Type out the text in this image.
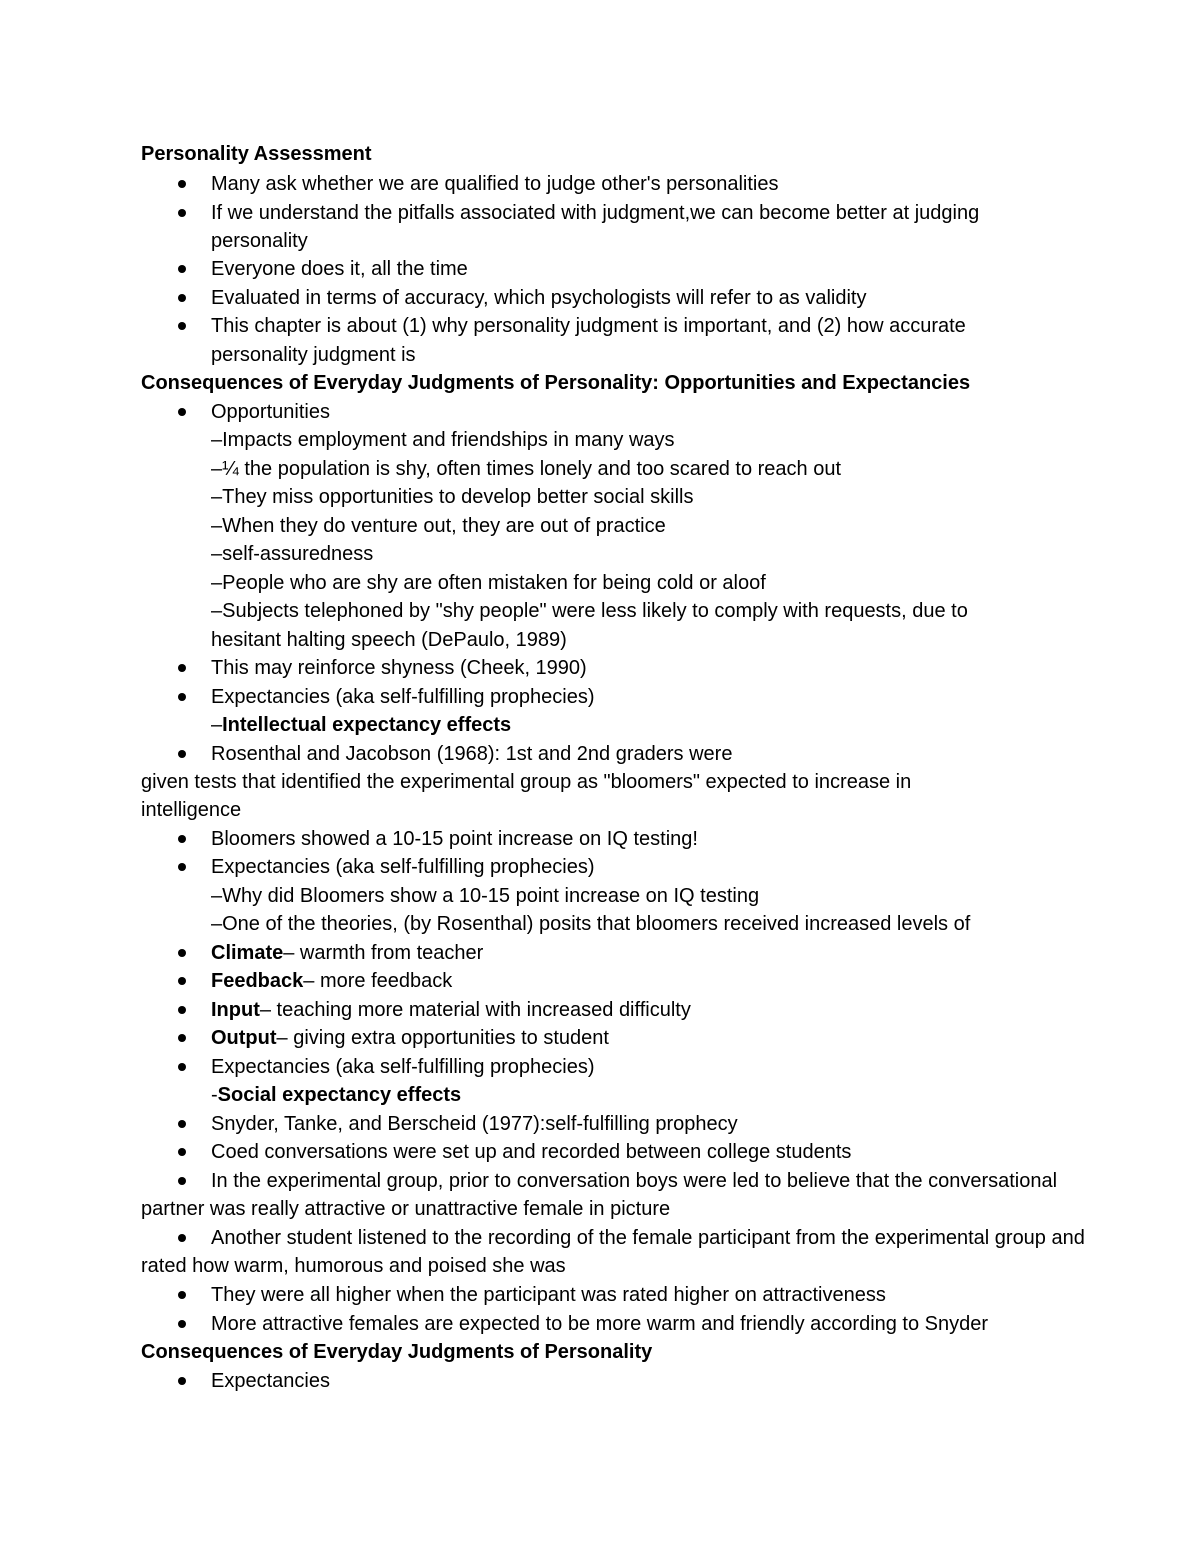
Personality Assessment
Many ask whether we are qualified to judge other's personalities
If we understand the pitfalls associated with judgment,we can become better at judging
personality
Everyone does it, all the time
Evaluated in terms of accuracy, which psychologists will refer to as validity
This chapter is about (1) why personality judgment is important, and (2) how accurate
personality judgment is
Consequences of Everyday Judgments of Personality: Opportunities and Expectancies
Opportunities
–Impacts employment and friendships in many ways
–¼ the population is shy, often times lonely and too scared to reach out
–They miss opportunities to develop better social skills
–When they do venture out, they are out of practice
–self-assuredness
–People who are shy are often mistaken for being cold or aloof
–Subjects telephoned by "shy people" were less likely to comply with requests, due to
hesitant halting speech (DePaulo, 1989)
This may reinforce shyness (Cheek, 1990)
Expectancies (aka self-fulfilling prophecies)
–Intellectual expectancy effects
Rosenthal and Jacobson (1968): 1st and 2nd graders were
given tests that identified the experimental group as "bloomers" expected to increase in
intelligence
Bloomers showed a 10-15 point increase on IQ testing!
Expectancies (aka self-fulfilling prophecies)
–Why did Bloomers show a 10-15 point increase on IQ testing
–One of the theories, (by Rosenthal) posits that bloomers received increased levels of
Climate– warmth from teacher
Feedback– more feedback
Input– teaching more material with increased difficulty
Output– giving extra opportunities to student
Expectancies (aka self-fulfilling prophecies)
-Social expectancy effects
Snyder, Tanke, and Berscheid (1977):self-fulfilling prophecy
Coed conversations were set up and recorded between college students
In the experimental group, prior to conversation boys were led to believe that the conversational
partner was really attractive or unattractive female in picture
Another student listened to the recording of the female participant from the experimental group and
rated how warm, humorous and poised she was
They were all higher when the participant was rated higher on attractiveness
More attractive females are expected to be more warm and friendly according to Snyder
Consequences of Everyday Judgments of Personality
Expectancies
